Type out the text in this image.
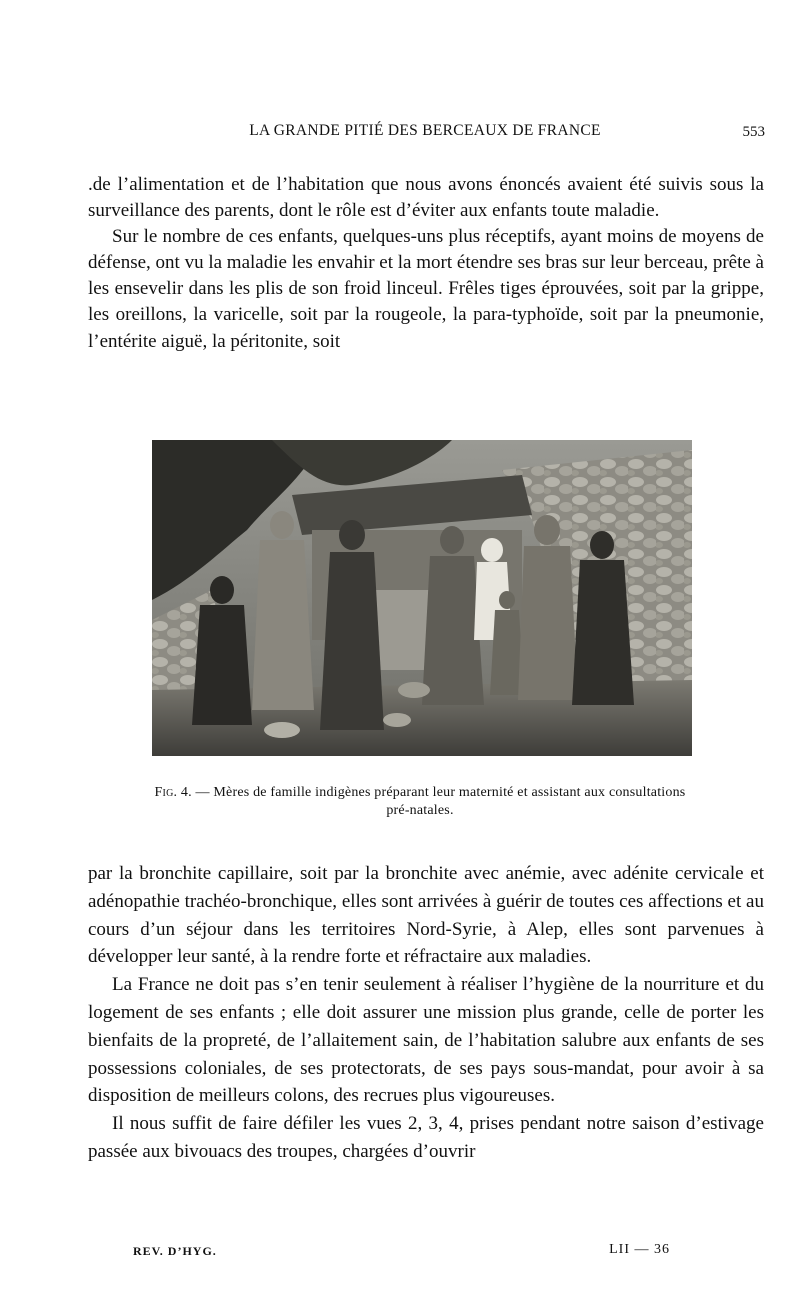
LA GRANDE PITIÉ DES BERCEAUX DE FRANCE	553

.de l’alimentation et de l’habitation que nous avons énoncés avaient été suivis sous la surveillance des parents, dont le rôle est d’éviter aux enfants toute maladie.

Sur le nombre de ces enfants, quelques-uns plus réceptifs, ayant moins de moyens de défense, ont vu la maladie les envahir et la mort étendre ses bras sur leur berceau, prête à les ensevelir dans les plis de son froid linceul. Frêles tiges éprouvées, soit par la grippe, les oreillons, la varicelle, soit par la rougeole, la para-typhoïde, soit par la pneumonie, l’entérite aiguë, la péritonite, soit

Fig. 4. — Mères de famille indigènes préparant leur maternité et assistant aux consultations pré-natales.

par la bronchite capillaire, soit par la bronchite avec anémie, avec adénite cervicale et adénopathie trachéo-bronchique, elles sont arrivées à guérir de toutes ces affections et au cours d’un séjour dans les territoires Nord-Syrie, à Alep, elles sont parvenues à développer leur santé, à la rendre forte et réfractaire aux maladies.

La France ne doit pas s’en tenir seulement à réaliser l’hygiène de la nourriture et du logement de ses enfants ; elle doit assurer une mission plus grande, celle de porter les bienfaits de la propreté, de l’allaitement sain, de l’habitation salubre aux enfants de ses possessions coloniales, de ses protectorats, de ses pays sous-mandat, pour avoir à sa disposition de meilleurs colons, des recrues plus vigoureuses.

Il nous suffit de faire défiler les vues 2, 3, 4, prises pendant notre saison d’estivage passée aux bivouacs des troupes, chargées d’ouvrir

REV. D’HYG.	LII — 36
